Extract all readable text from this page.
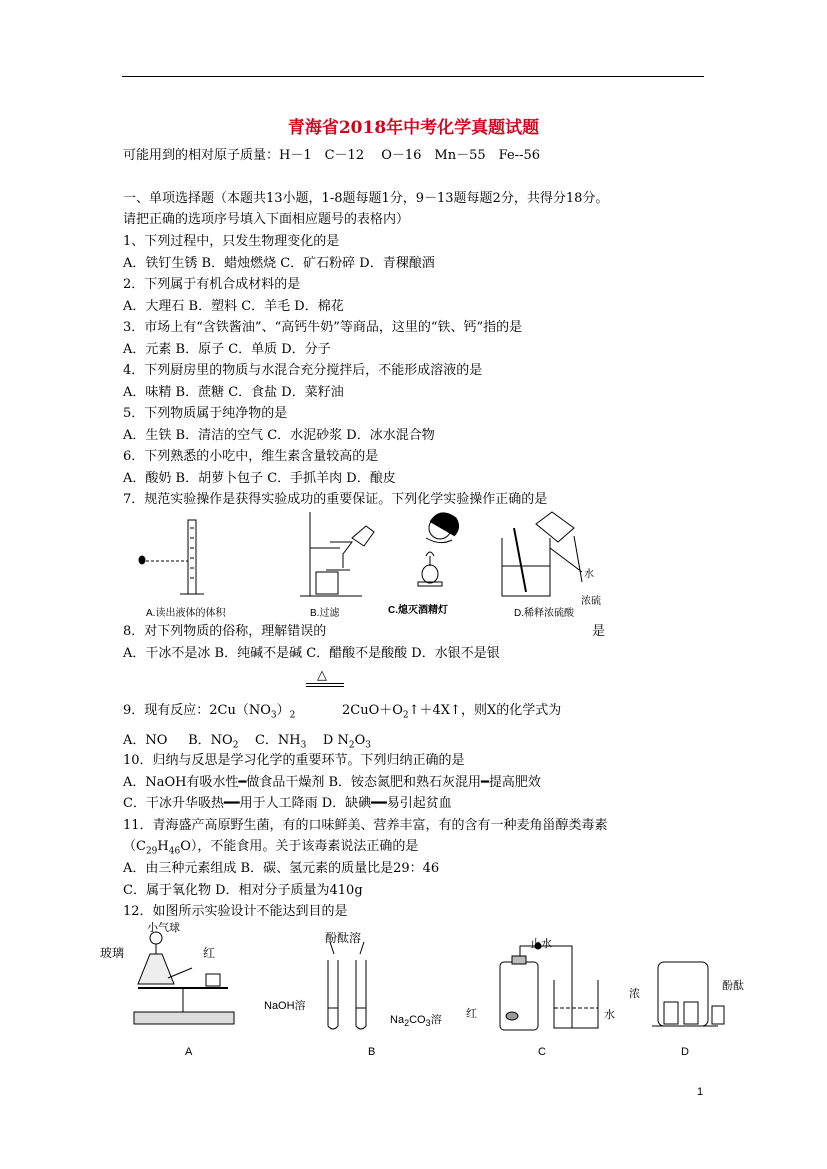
青海省2018年中考化学真题试题
可能用到的相对原子质量：H－1　C－12　 O－16　Mn－55　Fe--56
一、单项选择题（本题共13小题，1-8题每题1分，9－13题每题2分，共得分18分。
请把正确的选项序号填入下面相应题号的表格内）
1、下列过程中，只发生物理变化的是
A．铁钉生锈 B．蜡烛燃烧 C．矿石粉碎 D．青稞酿酒
2．下列属于有机合成材料的是
A．大理石 B．塑料 C．羊毛 D．棉花
3．市场上有“含铁酱油”、“高钙牛奶”等商品，这里的“铁、钙”指的是
A．元素 B．原子 C．单质 D．分子
4．下列厨房里的物质与水混合充分搅拌后，不能形成溶液的是
A．味精 B．蔗糖 C．食盐 D．菜籽油
5．下列物质属于纯净物的是
A．生铁 B．清洁的空气 C．水泥砂浆 D．冰水混合物
6．下列熟悉的小吃中，维生素含量较高的是
A．酸奶 B．胡萝卜包子 C．手抓羊肉 D．酿皮
7．规范实验操作是获得实验成功的重要保证。下列化学实验操作正确的是
A.读出液体的体积	B.过滤	C.熄灭酒精灯	D.稀释浓硫酸
水
浓硫
8．对下列物质的俗称，理解错误的	是
A．干冰不是冰 B．纯碱不是碱 C．醋酸不是酸酸 D．水银不是银
△
9．现有反应：$2Cu(NO_3)_2$	$2CuO+O_2↑+4X↑$，则X的化学式为
A．NO B．$NO_2$ C．$NH_3$ D $N_2O_3$
10．归纳与反思是学习化学的重要环节。下列归纳正确的是
A．NaOH有吸水性━做食品干燥剂 B．铵态氮肥和熟石灰混用━提高肥效
C．干冰升华吸热━━用于人工降雨 D．缺碘━━易引起贫血
11．青海盛产高原野生菌，有的口味鲜美、营养丰富，有的含有一种麦角甾醇类毒素
$(C_{29}H_{46}O)$，不能食用。关于该毒素说法正确的是
A．由三种元素组成 B．碳、氢元素的质量比是29：46
C．属于氧化物 D．相对分子质量为410g
12．如图所示实验设计不能达到目的是
小气球
玻璃	红
酚酞溶
NaOH溶
$Na_2CO_3$溶
止水
红	水
浓
酚酞
A	B	C	D
1
